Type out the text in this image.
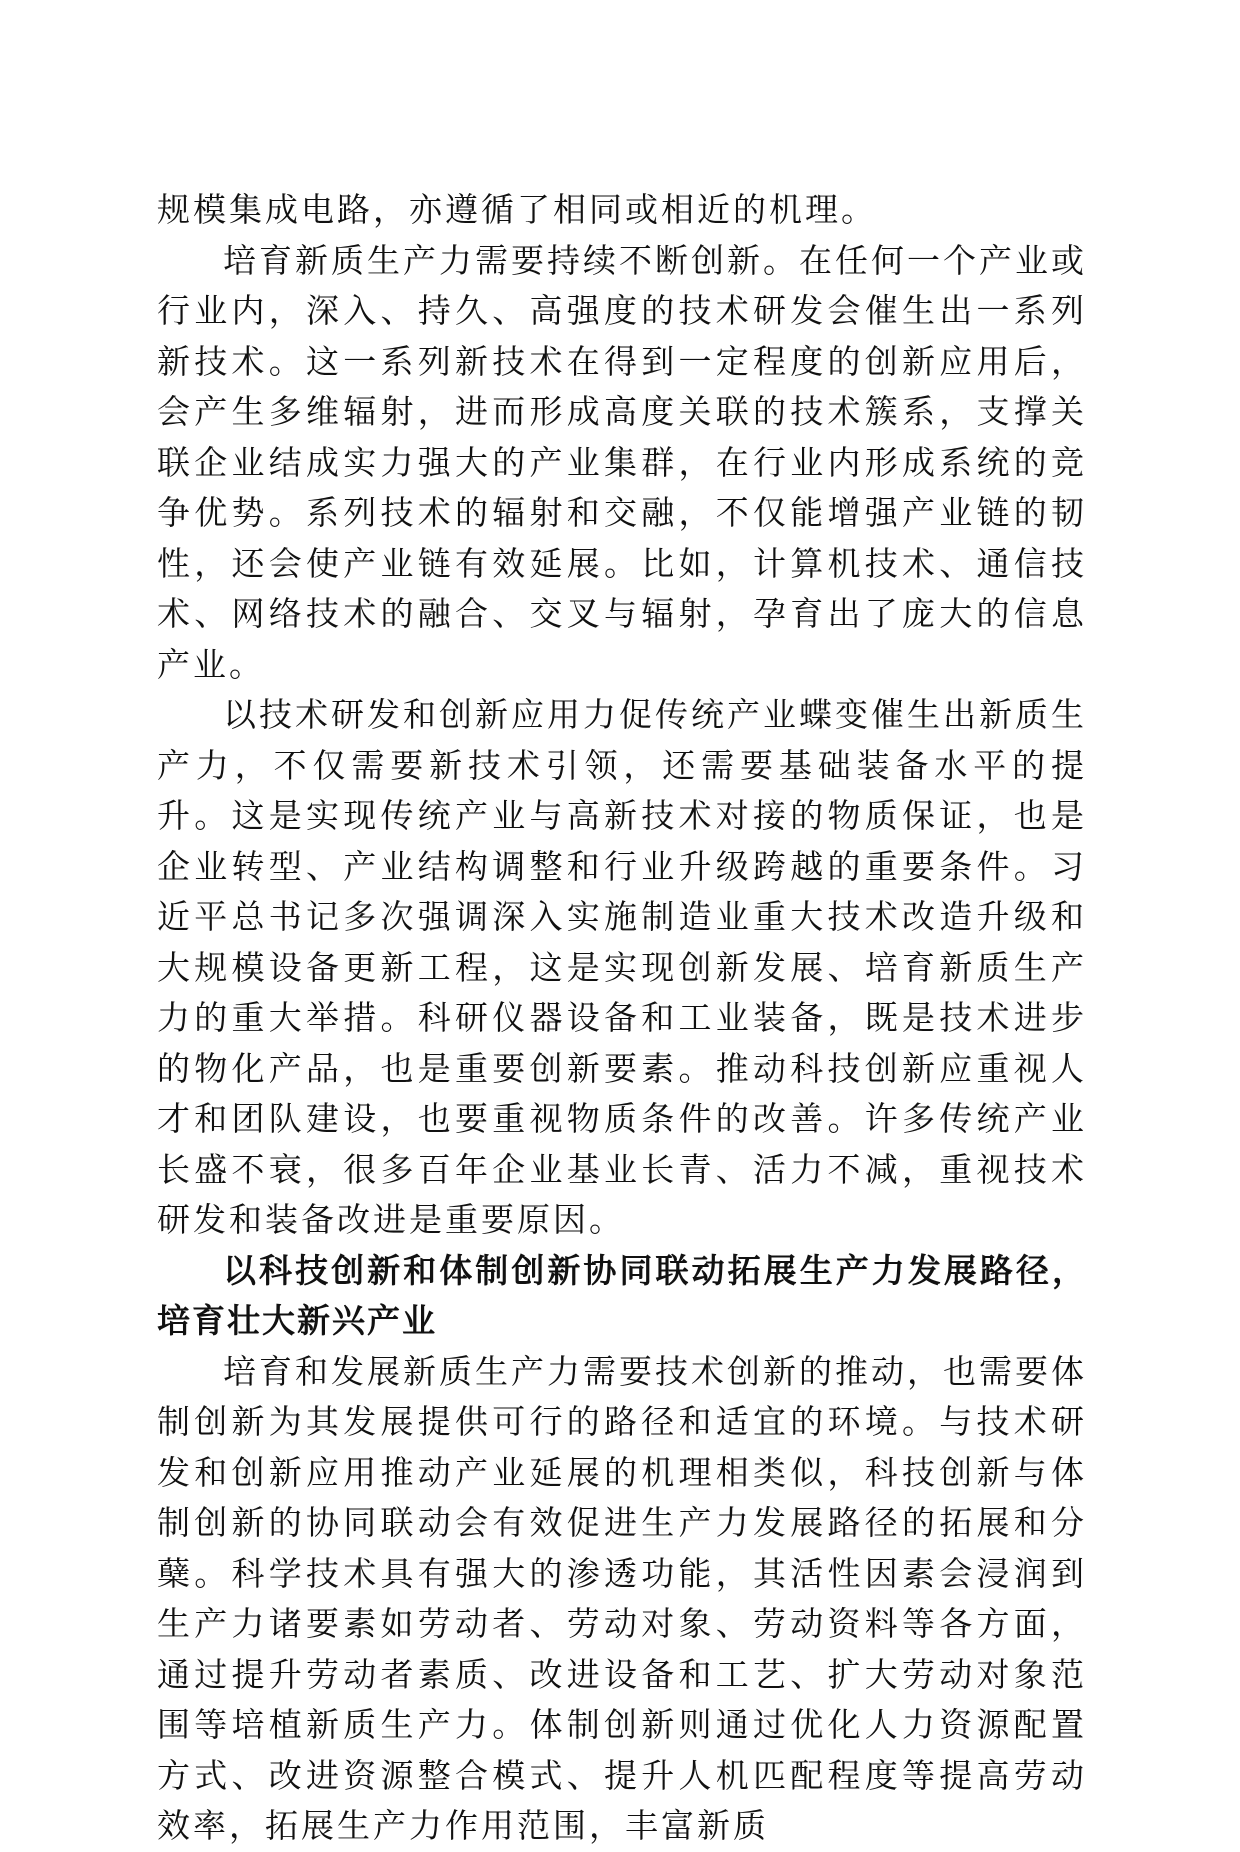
规模集成电路，亦遵循了相同或相近的机理。

培育新质生产力需要持续不断创新。在任何一个产业或行业内，深入、持久、高强度的技术研发会催生出一系列新技术。这一系列新技术在得到一定程度的创新应用后，会产生多维辐射，进而形成高度关联的技术簇系，支撑关联企业结成实力强大的产业集群，在行业内形成系统的竞争优势。系列技术的辐射和交融，不仅能增强产业链的韧性，还会使产业链有效延展。比如，计算机技术、通信技术、网络技术的融合、交叉与辐射，孕育出了庞大的信息产业。

以技术研发和创新应用力促传统产业蝶变催生出新质生产力，不仅需要新技术引领，还需要基础装备水平的提升。这是实现传统产业与高新技术对接的物质保证，也是企业转型、产业结构调整和行业升级跨越的重要条件。习近平总书记多次强调深入实施制造业重大技术改造升级和大规模设备更新工程，这是实现创新发展、培育新质生产力的重大举措。科研仪器设备和工业装备，既是技术进步的物化产品，也是重要创新要素。推动科技创新应重视人才和团队建设，也要重视物质条件的改善。许多传统产业长盛不衰，很多百年企业基业长青、活力不减，重视技术研发和装备改进是重要原因。

以科技创新和体制创新协同联动拓展生产力发展路径，培育壮大新兴产业

培育和发展新质生产力需要技术创新的推动，也需要体制创新为其发展提供可行的路径和适宜的环境。与技术研发和创新应用推动产业延展的机理相类似，科技创新与体制创新的协同联动会有效促进生产力发展路径的拓展和分蘖。科学技术具有强大的渗透功能，其活性因素会浸润到生产力诸要素如劳动者、劳动对象、劳动资料等各方面，通过提升劳动者素质、改进设备和工艺、扩大劳动对象范围等培植新质生产力。体制创新则通过优化人力资源配置方式、改进资源整合模式、提升人机匹配程度等提高劳动效率，拓展生产力作用范围，丰富新质
